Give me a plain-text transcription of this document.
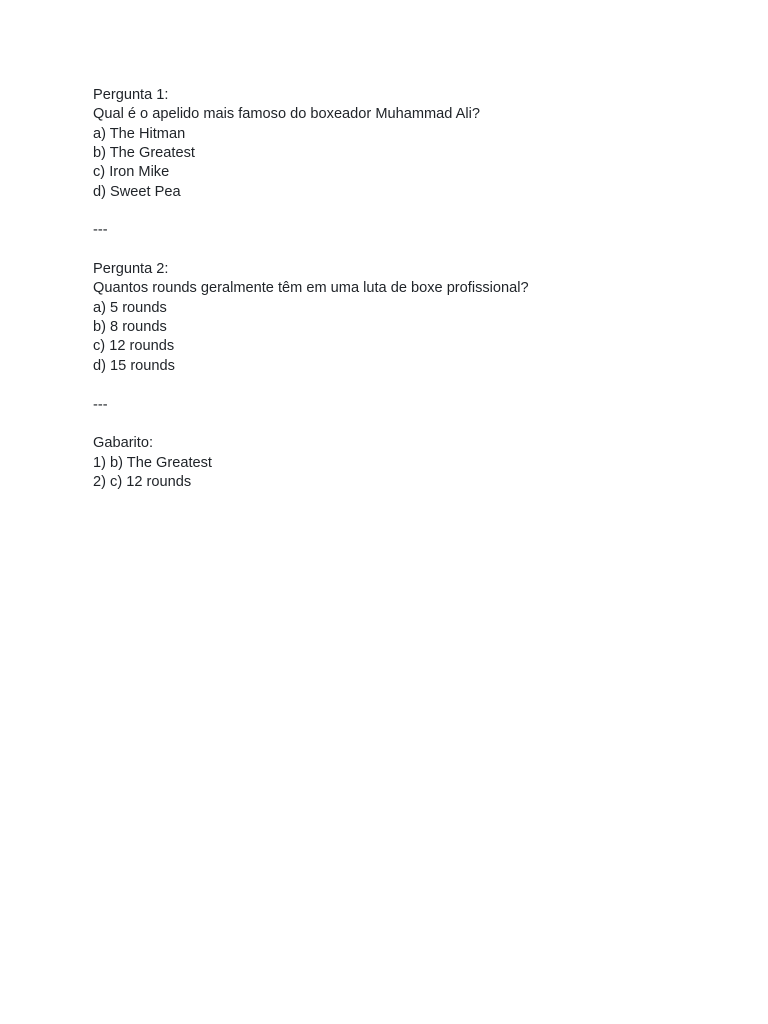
Pergunta 1:
Qual é o apelido mais famoso do boxeador Muhammad Ali?
a) The Hitman
b) The Greatest
c) Iron Mike
d) Sweet Pea
---
Pergunta 2:
Quantos rounds geralmente têm em uma luta de boxe profissional?
a) 5 rounds
b) 8 rounds
c) 12 rounds
d) 15 rounds
---
Gabarito:
1) b) The Greatest
2) c) 12 rounds
